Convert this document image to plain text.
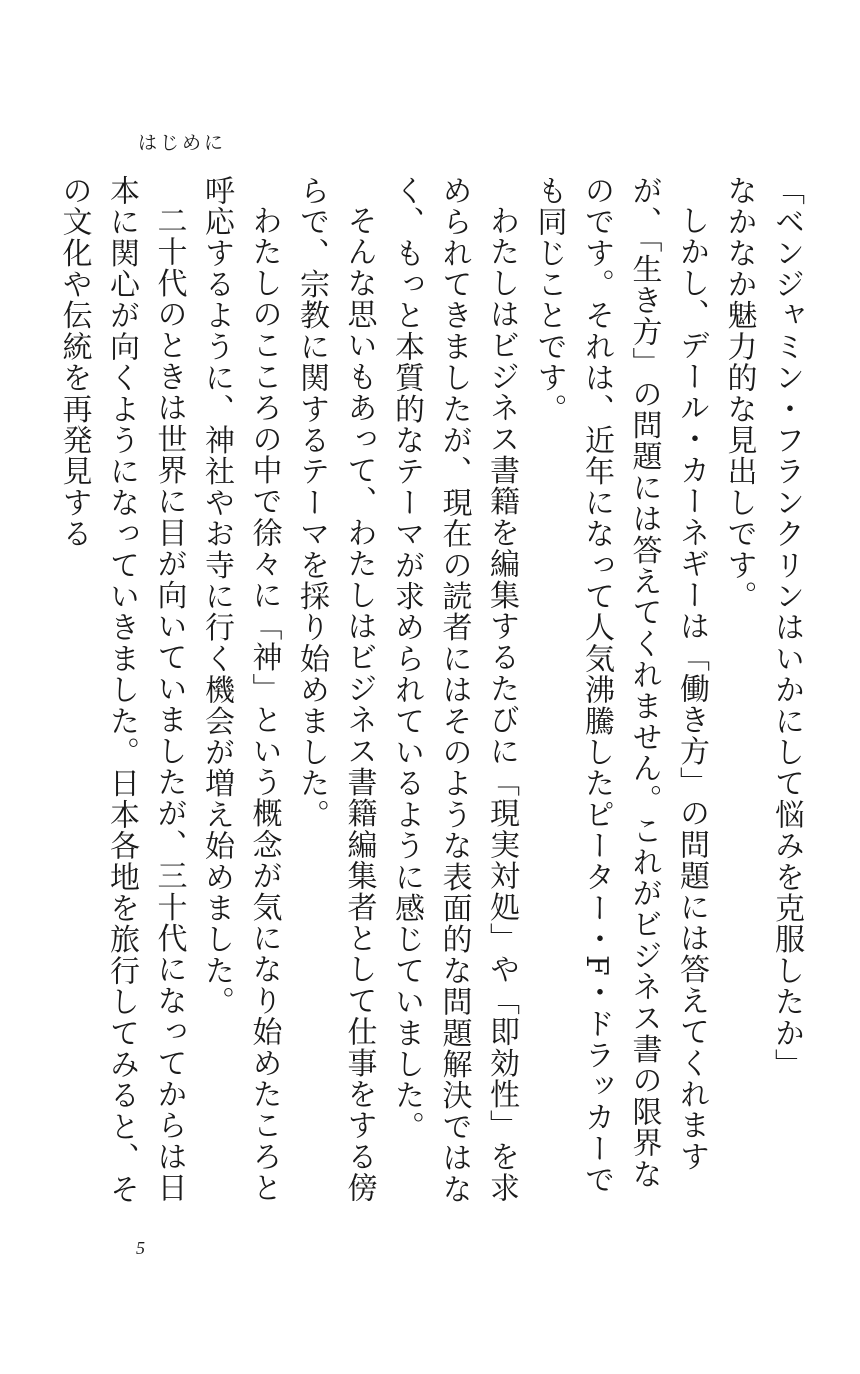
はじめに

「ベンジャミン・フランクリンはいかにして悩みを克服したか」

なかなか魅力的な見出しです。

しかし、デール・カーネギーは「働き方」の問題には答えてくれますが、「生き方」の問題には答えてくれません。これがビジネス書の限界なのです。それは、近年になって人気沸騰したピーター・F・ドラッカーでも同じことです。

わたしはビジネス書籍を編集するたびに「現実対処」や「即効性」を求められてきましたが、現在の読者にはそのような表面的な問題解決ではなく、もっと本質的なテーマが求められているように感じていました。

そんな思いもあって、わたしはビジネス書籍編集者として仕事をする傍らで、宗教に関するテーマを採り始めました。

わたしのこころの中で徐々に「神」という概念が気になり始めたころと呼応するように、神社やお寺に行く機会が増え始めました。

二十代のときは世界に目が向いていましたが、三十代になってからは日本に関心が向くようになっていきました。日本各地を旅行してみると、その文化や伝統を再発見する

5
